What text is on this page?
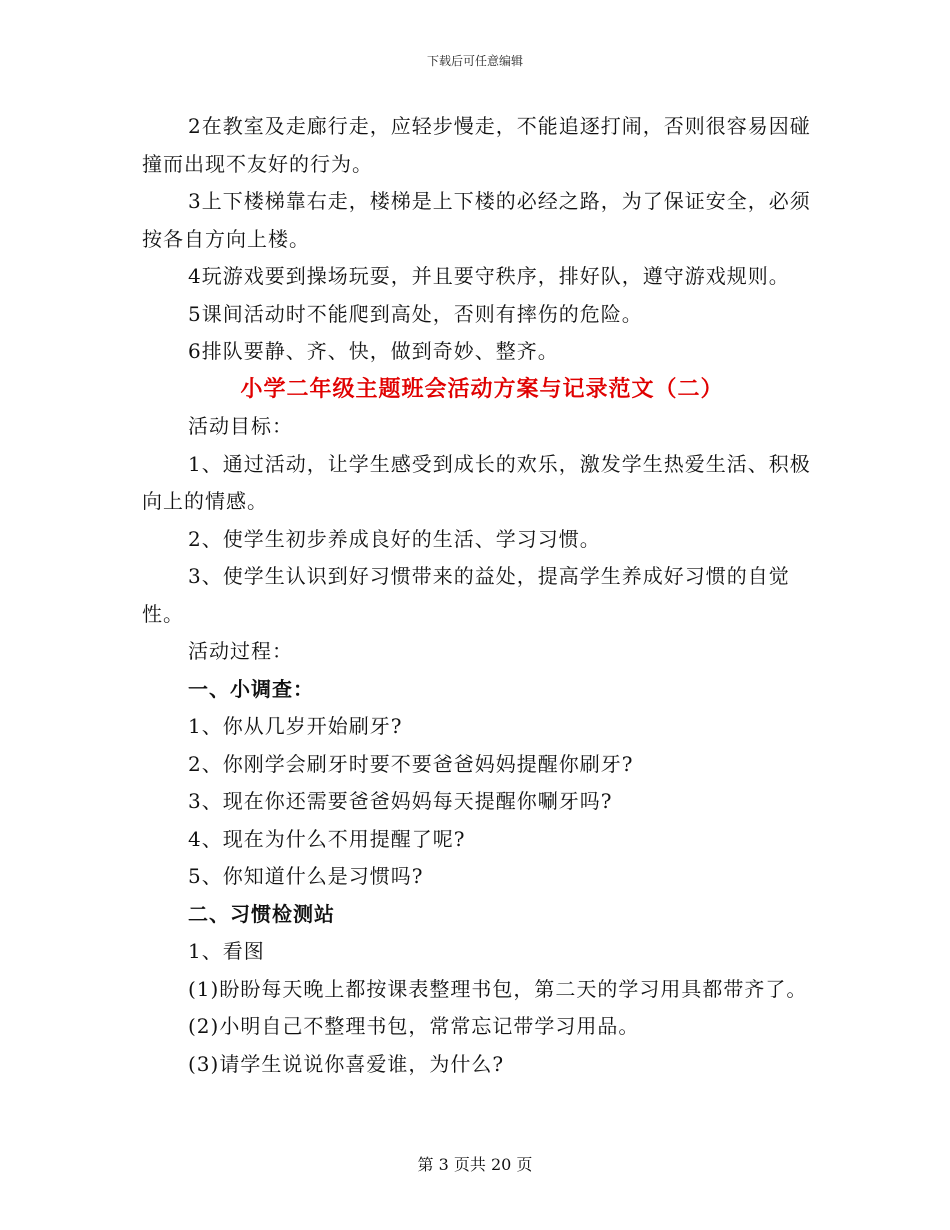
下载后可任意编辑

2在教室及走廊行走，应轻步慢走，不能追逐打闹，否则很容易因碰撞而出现不友好的行为。

3上下楼梯靠右走，楼梯是上下楼的必经之路，为了保证安全，必须按各自方向上楼。

4玩游戏要到操场玩耍，并且要守秩序，排好队，遵守游戏规则。

5课间活动时不能爬到高处，否则有摔伤的危险。

6排队要静、齐、快，做到奇妙、整齐。

小学二年级主题班会活动方案与记录范文（二）

活动目标：

1、通过活动，让学生感受到成长的欢乐，激发学生热爱生活、积极向上的情感。

2、使学生初步养成良好的生活、学习习惯。

3、使学生认识到好习惯带来的益处，提高学生养成好习惯的自觉性。

活动过程：

一、小调查：

1、你从几岁开始刷牙?

2、你刚学会刷牙时要不要爸爸妈妈提醒你刷牙?

3、现在你还需要爸爸妈妈每天提醒你唰牙吗?

4、现在为什么不用提醒了呢?

5、你知道什么是习惯吗?

二、习惯检测站

1、看图

(1)盼盼每天晚上都按课表整理书包，第二天的学习用具都带齐了。

(2)小明自己不整理书包，常常忘记带学习用品。

(3)请学生说说你喜爱谁，为什么?

第 3 页共 20 页
